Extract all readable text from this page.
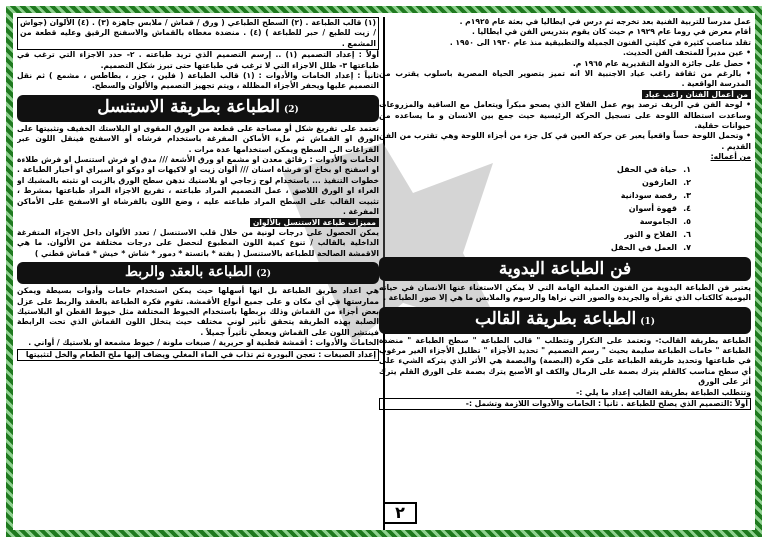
عمل مدرساً للتربية الفنية بعد تخرجه ثم درس في ايطاليا في بعثة عام ١٩٢٥م .

أقام معرض في روما عام ١٩٢٩ م حيث كان يقوم بتدريس الفن في ايطاليا .

تقلد مناصب كثيرة في كليتي الفنون الجميلة والتطبيقية منذ عام ١٩٣٠ الى ١٩٥٠ .

• عين مديراً للمتحف الفن الحديث.

• حصل على جائزة الدولة التقديرية عام ١٩٦٥ م.

• بالرغم من ثقافة راغب عياد الاجنبية الا انه تميز بتصوير الحياة المصرية باسلوب يقترب من المدرسة الواقعية .

من أعمال الفنان راغب عياد

• لوحة الفن في الريف ترصد يوم عمل الفلاح الذي يصحو مبكراً ويتعامل مع الساقية والمزروعات وساعدت استطالة اللوحة على تسجيل الحركة الرئيسية حيث جمع بين الانسان و ما يساعده من حيوانات حقلية.

• وتحمل اللوحة حساً واقعياً يعبر عن حركة العين في كل جزء من أجزاء اللوحة وهي تقترب من الفن القديم .

من أعماله:

١.حياة في الحقل
٢.العازفون
٣.رقصة سودانية
٤.قهوة أسوان
٥.الجاموسة
٦.الفلاح و الثور
٧.العمل في الحقل
فن الطباعة اليدوية

يعتبر فن الطباعة اليدوية من الفنون العملية الهامة التي لا يمكن الاستغناء عنها الانسان في حياته اليومية كالكتاب الذي تقرأه والجريدة والصور التي نراها والرسوم والملابس ما هي إلا صور الطباعة .

(1)الطباعة بطريقة القالب

الطباعة بطريقة القالب:- وتعتمد على التكرار وتتطلب " قالب الطباعة " سطح الطباعة " منضدة الطباعة " خامات الطباعة سليمة بحيث " رسم التصميم " تحديد الأجزاء " تظليل الأجزاء الغير مرغوب في طباعتها وتحديد طريقة الطباعة على فكرة (البصمة) والبصمة هي الأثر الذي يتركه الشيء على أي سطح مناسب كالقلم يترك بصمة على الرمال والكف او الأصبع يترك بصمة على الورق القلم يترك أثر على الورق

وتتطلب الطباعة بطريقة القالب إعداد ما يلي :-

أولاً :التصميم الذي يصلح للطباعة . ثانياً : الخامات والأدوات اللازمة وتشمل :-

(١) قالب الطباعة . (٢) السطح الطباعي ( ورق / قماش / ملابس جاهزة (٣) . (٤) الألوان (جواش / زيت للطبع / حبر للطباعة ) (٤) . منضدة مغطاة بالقماش والاسفنج الرقيق وعليه قطعة من المشمع .

أولاً : إعداد التصميم (١) .. إرسم التصميم الذي تريد طباعته . ٢- حدد الاجزاء التي ترغب في طباعتها ٣- ظلل الاجزاء التي لا ترغب في طباعتها حتى تبرز شكل التصميم.

ثانياً : إعداد الخامات والأدوات : (١) قالب الطباعة ( فلين ، جزر ، بطاطس ، مشمع ) ثم نقل التصميم عليها ويحفر الأجزاء المظللة ، ويتم تجهيز التصميم والألوان والسطح.

(2)الطباعة بطريقة الاستنسل

تعتمد على تفريغ شكل أو مساحة على قطعة من الورق المقوى او البلاستك الخفيف وتثبيتها على الورق او القماش ثم ملء الأماكن المفرغة باستخدام فرشاه أو الاسفنج فينقل اللون عبر الفراغات الى السطح ويمكن استخدامها عدة مرات .

الخامات والأدوات : رقائق معدن او مشمع او ورق الأشعة /// مدق او فرش استنسل او فرش طلاءة او اسفنج او بخاخ او فرشاة اسنان /// ألوان زيت او لاكيهات او دوكو او اسبراي او أحبار الطباعة . خطوات التنفيذ ... باستخدام لوح زجاجي او بلاستيك ندهن سطح الورق بالزيت او نثبته بالمشبك او الغراء او الورق اللاصق ، عمل التصميم المراد طباعته ، تفريغ الاجزاء المراد طباعتها بمشرط ، تثبيت القالب على السطح المراد طباعته عليه ، وضع اللون بالفرشاة او الاسفنج على الأماكن المفرغة .

مميزات طباعة الاستنسل بالألوان

يمكن الحصول على درجات لونية من خلال قلب الاستنسل / تعدد الألوان داخل الاجزاء المتفرغة الداخلية بالقالب / تنوع كمية اللون المطبوع لنحصل على درجات مختلفة من الألوان. ما هي الاقمشة الصالحة للطباعة بالاستنسل ( بفتة * باتستة * دمور * شاش * خيش * قماش قطني )

(2)الطباعة بالعقد والربط

هي اعداد طريق الطباعة بل انها أسهلها حيث يمكن استخدام خامات وأدوات بسيطة ويمكن ممارستها في أي مكان و على جميع أنواع الأقمشة. تقوم فكرة الطباعة بالعقد والربط على عزل بعض أجزاء من القماش وذلك بربطها باستخدام الخيوط المختلفة مثل خيوط القطن او البلاستيك الصلبة بهذه الطريقة يتحقق تأثير لوني مختلف حيث يتخلل اللون القماش الذي تحت الرابطة فينتشر اللون على القماش ويعطي تأثيراً جميلاً .

الخامات والأدوات : أقمشة قطنية او حريرية / صبغات ملونة / خيوط مشمعة او بلاستيك / أواني .

إعداد الصبغات : تعجن البودرة ثم تذاب في الماء المغلي ويضاف إليها ملح الطعام والخل لتثبيتها

٢
